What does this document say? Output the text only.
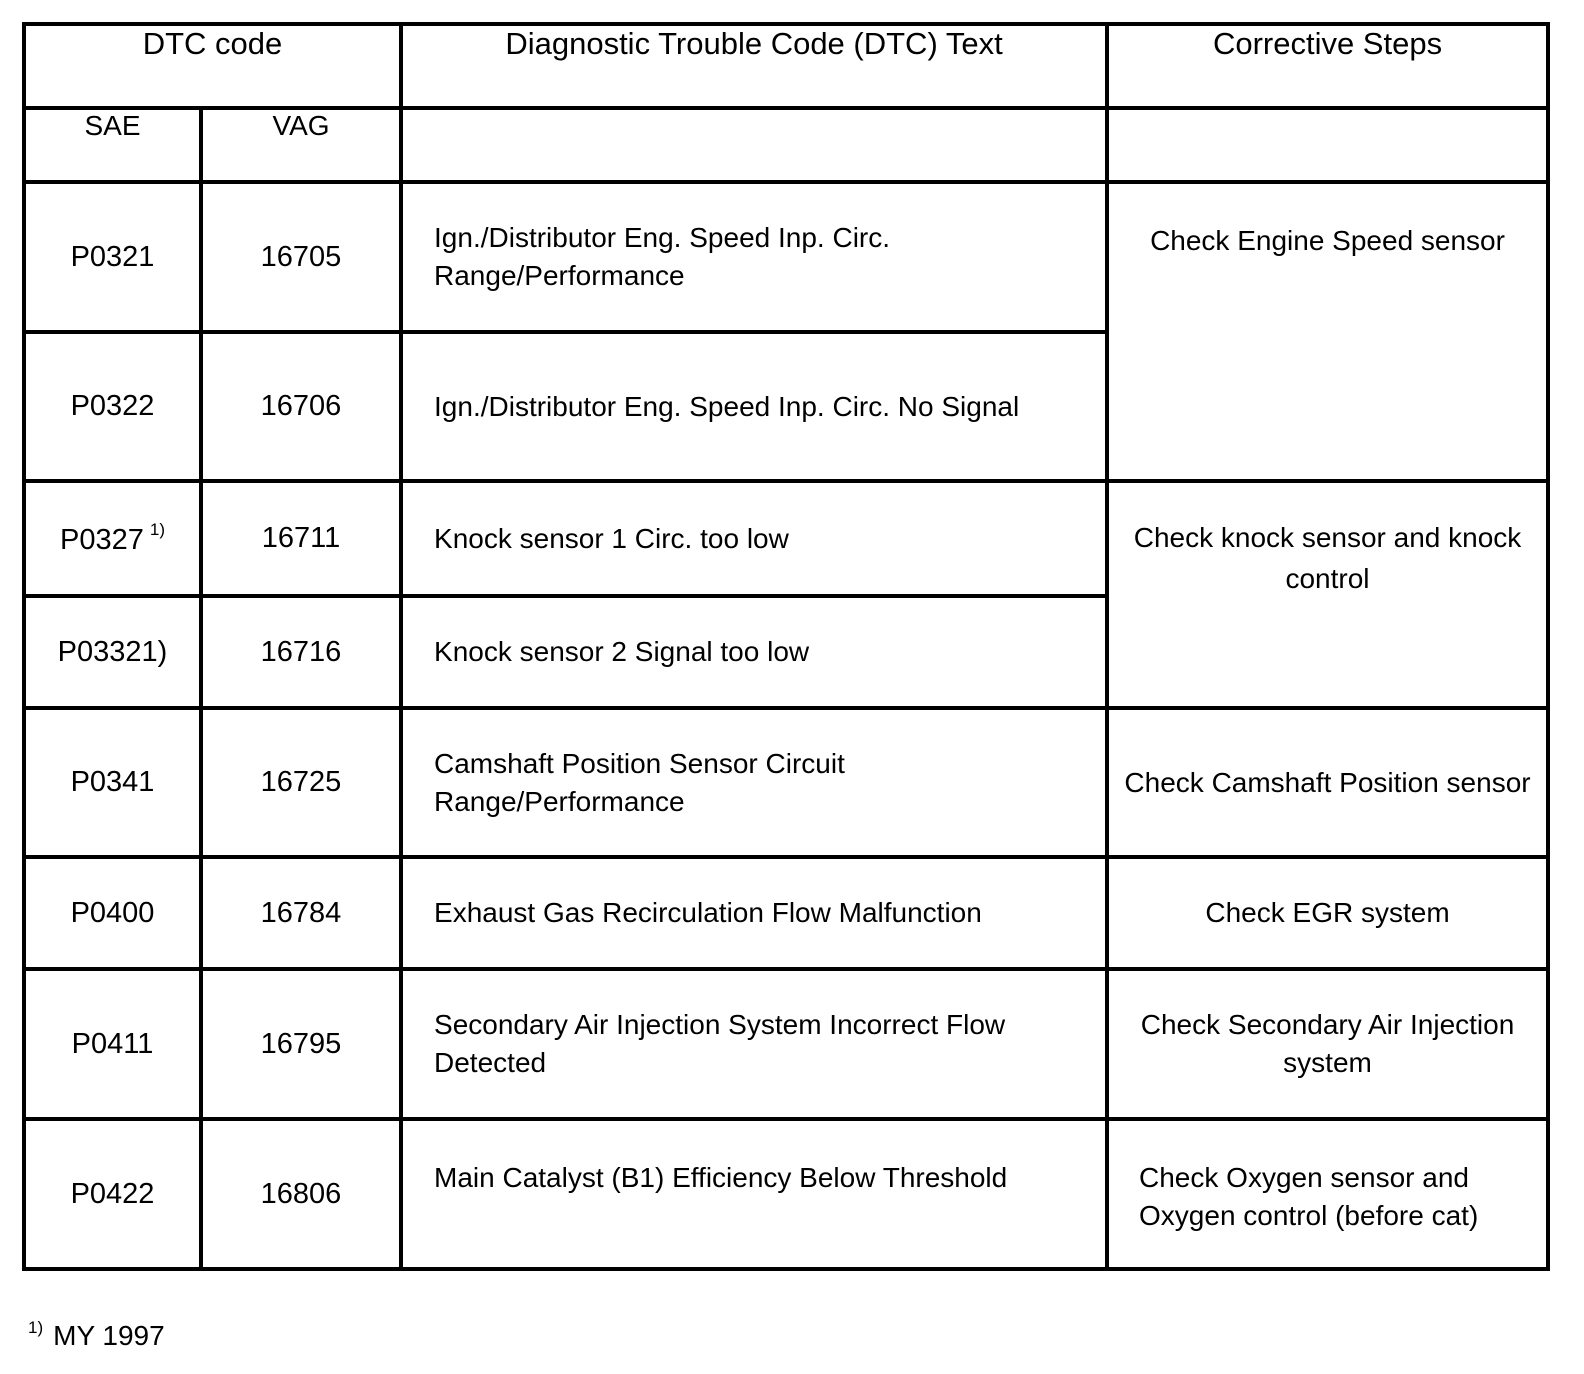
DTC code		Diagnostic Trouble Code (DTC) Text	Corrective Steps
SAE	VAG		
P0321	16705	Ign./Distributor Eng. Speed Inp. Circ. Range/Performance	Check Engine Speed sensor
P0322	16706	Ign./Distributor Eng. Speed Inp. Circ. No Signal	
P0327 $^{1)}$	16711	Knock sensor 1 Circ. too low	Check knock sensor and knock control
P03321)	16716	Knock sensor 2 Signal too low	
P0341	16725	Camshaft Position Sensor Circuit Range/Performance	Check Camshaft Position sensor
P0400	16784	Exhaust Gas Recirculation Flow Malfunction	Check EGR system
P0411	16795	Secondary Air Injection System Incorrect Flow Detected	Check Secondary Air Injection system
P0422	16806	Main Catalyst (B1) Efficiency Below Threshold	Check Oxygen sensor and Oxygen control (before cat)
$^{1)}$ MY 1997
